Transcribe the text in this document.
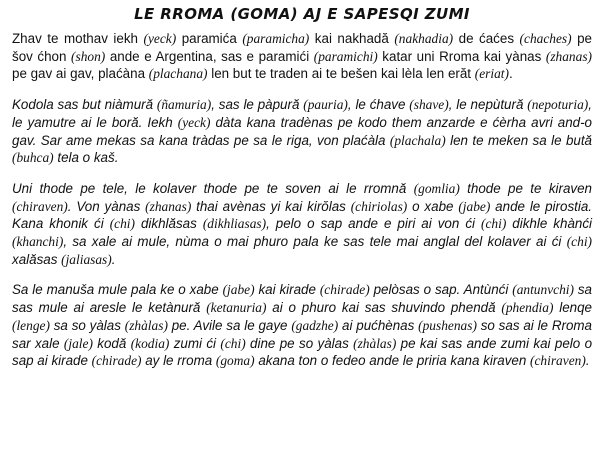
LE RROMA (GOMA) AJ E SAPESQI ZUMI

Zhav te mothav iekh (yeck) paramića (paramicha) kai nakhadă (nakhadia) de ćaćes (chaches) pe šov ćhon (shon) ande e Argentina, sas e paramići (paramichi) katar uni Rroma kai yànas (zhanas) pe gav ai gav, plaćàna (plachana) len but te traden ai te bešen kai lèla len erăt (eriat).

Kodola sas but niàmură (ñamuria), sas le pàpură (pauria), le ćhave (shave), le nepùtură (nepoturia), le yamutre ai le boră. Iekh (yeck) dàta kana tradènas pe kodo them anzarde e ćèrha avri and-o gav. Sar ame mekas sa kana tràdas pe sa le riga, von plaćàla (plachala) len te meken sa le bută (buhca) tela o kaš.

Uni thode pe tele, le kolaver thode pe te soven ai le rromnă (gomlia) thode pe te kiraven (chiraven). Von yànas (zhanas) thai avènas yi kai kirŏlas (chiriolas) o xabe (jabe) ande le pirostia. Kana khonik ći (chi) dikhlăsas (dikhliasas), pelo o sap ande e piri ai von ći (chi) dikhle khànći (khanchi), sa xale ai mule, nùma o mai phuro pala ke sas tele mai anglal del kolaver ai ći (chi) xalăsas (jaliasas).

Sa le manuša mule pala ke o xabe (jabe) kai kirade (chirade) pelòsas o sap. Antùnći (antunvchi) sa sas mule ai aresle le ketànură (ketanuria) ai o phuro kai sas shuvindo phendă (phendia) lenqe (lenge) sa so yàlas (zhàlas) pe. Avile sa le gaye (gadzhe) ai pućhènas (pushenas) so sas ai le Rroma sar xale (jale) kodă (kodia) zumi ći (chi) dine pe so yàlas (zhàlas) pe kai sas ande zumi kai pelo o sap ai kirade (chirade) ay le rroma (goma) akana ton o fedeo ande le priria kana kiraven (chiraven).
